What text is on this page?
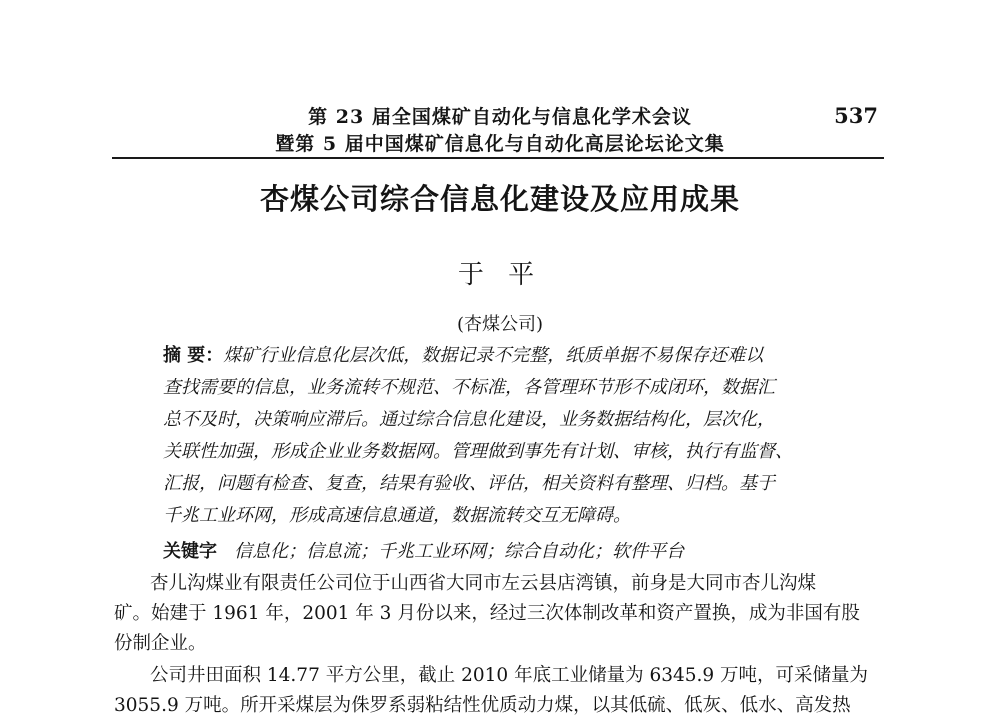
第 23 届全国煤矿自动化与信息化学术会议
暨第 5 届中国煤矿信息化与自动化高层论坛论文集
537
杏煤公司综合信息化建设及应用成果
于 平
(杏煤公司)
摘 要：煤矿行业信息化层次低，数据记录不完整，纸质单据不易保存还难以
查找需要的信息，业务流转不规范、不标准，各管理环节形不成闭环，数据汇
总不及时，决策响应滞后。通过综合信息化建设，业务数据结构化，层次化，
关联性加强，形成企业业务数据网。管理做到事先有计划、审核，执行有监督、
汇报，问题有检查、复查，结果有验收、评估，相关资料有整理、归档。基于
千兆工业环网，形成高速信息通道，数据流转交互无障碍。
关键字 信息化；信息流；千兆工业环网；综合自动化；软件平台
杏儿沟煤业有限责任公司位于山西省大同市左云县店湾镇，前身是大同市杏儿沟煤
矿。始建于 1961 年，2001 年 3 月份以来，经过三次体制改革和资产置换，成为非国有股
份制企业。
公司井田面积 14.77 平方公里，截止 2010 年底工业储量为 6345.9 万吨，可采储量为
3055.9 万吨。所开采煤层为侏罗系弱粘结性优质动力煤，以其低硫、低灰、低水、高发热
